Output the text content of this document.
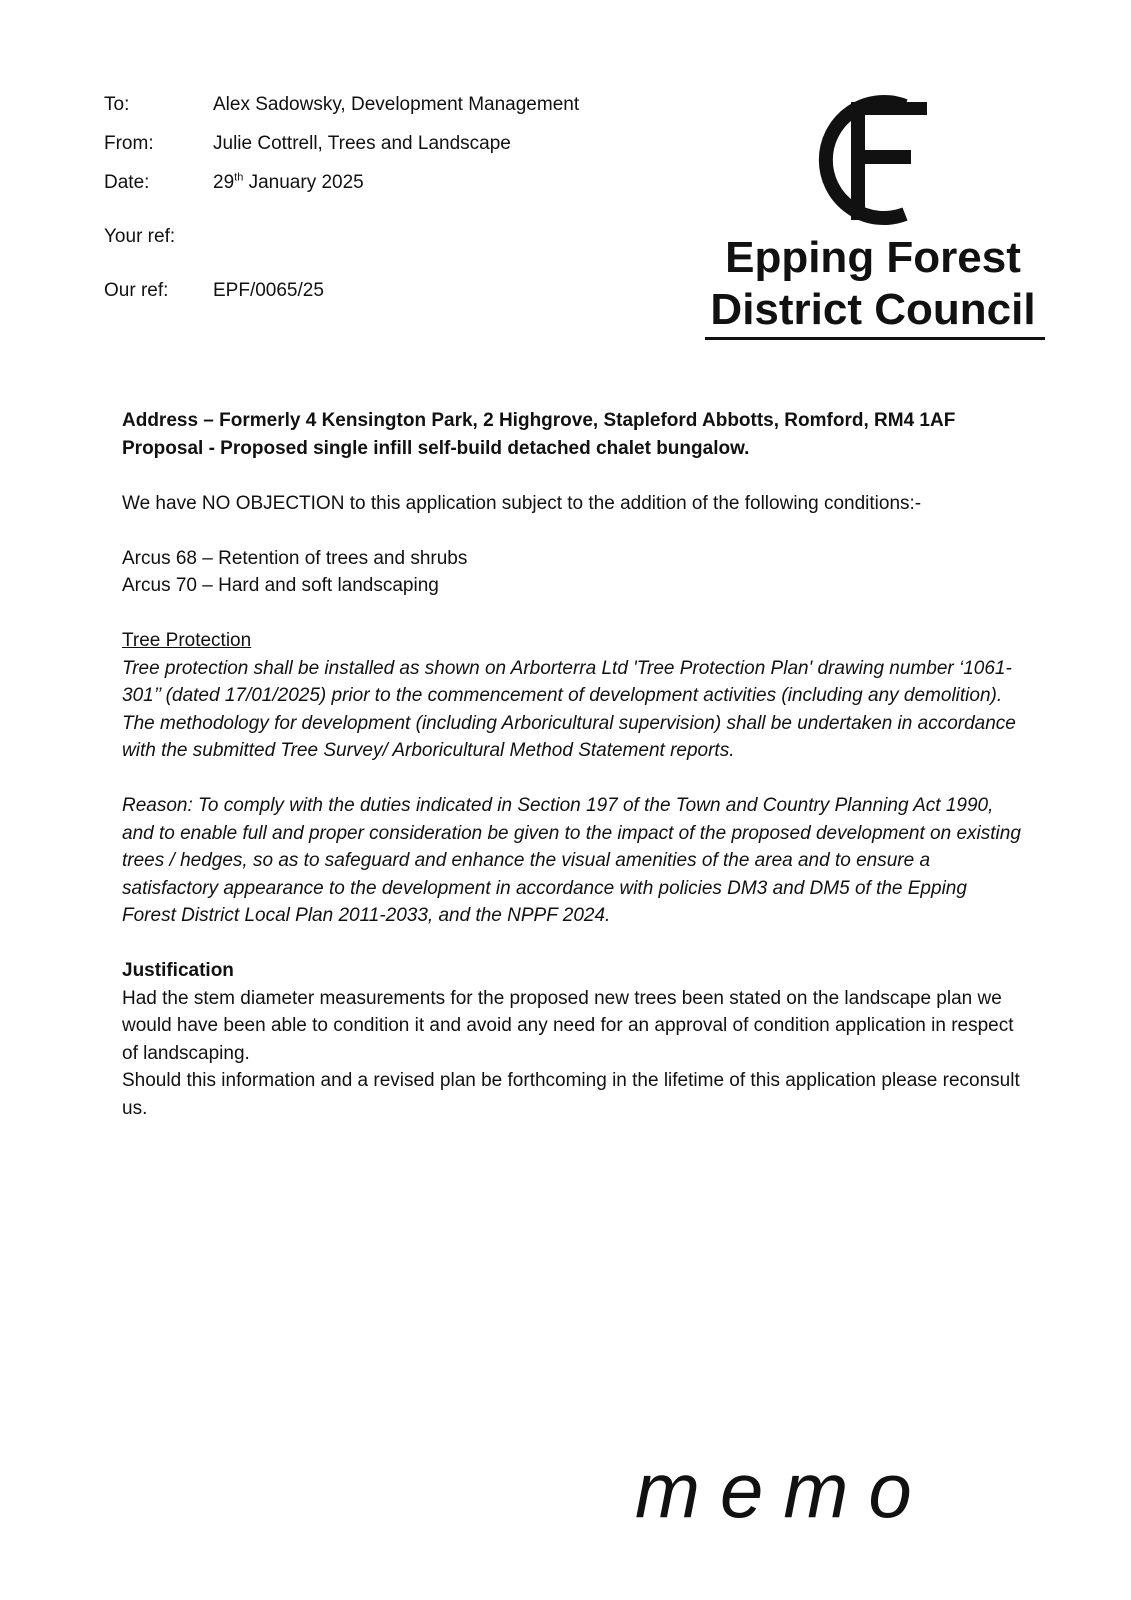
To:	Alex Sadowsky, Development Management
From:	Julie Cottrell, Trees and Landscape
Date:	29th January 2025
Your ref:
Our ref: EPF/0065/25
Epping Forest
District Council

Address – Formerly 4 Kensington Park, 2 Highgrove, Stapleford Abbotts, Romford, RM4 1AF

Proposal - Proposed single infill self-build detached chalet bungalow.

We have NO OBJECTION to this application subject to the addition of the following conditions:-

Arcus 68 – Retention of trees and shrubs

Arcus 70 – Hard and soft landscaping

Tree Protection

Tree protection shall be installed as shown on Arborterra Ltd 'Tree Protection Plan' drawing number ‘1061-301’’ (dated 17/01/2025) prior to the commencement of development activities (including any demolition).

The methodology for development (including Arboricultural supervision) shall be undertaken in accordance with the submitted Tree Survey/ Arboricultural Method Statement reports.

Reason: To comply with the duties indicated in Section 197 of the Town and Country Planning Act 1990, and to enable full and proper consideration be given to the impact of the proposed development on existing trees / hedges, so as to safeguard and enhance the visual amenities of the area and to ensure a satisfactory appearance to the development in accordance with policies DM3 and DM5 of the Epping Forest District Local Plan 2011-2033, and the NPPF 2024.

Justification

Had the stem diameter measurements for the proposed new trees been stated on the landscape plan we would have been able to condition it and avoid any need for an approval of condition application in respect of landscaping.

Should this information and a revised plan be forthcoming in the lifetime of this application please reconsult us.

memo
